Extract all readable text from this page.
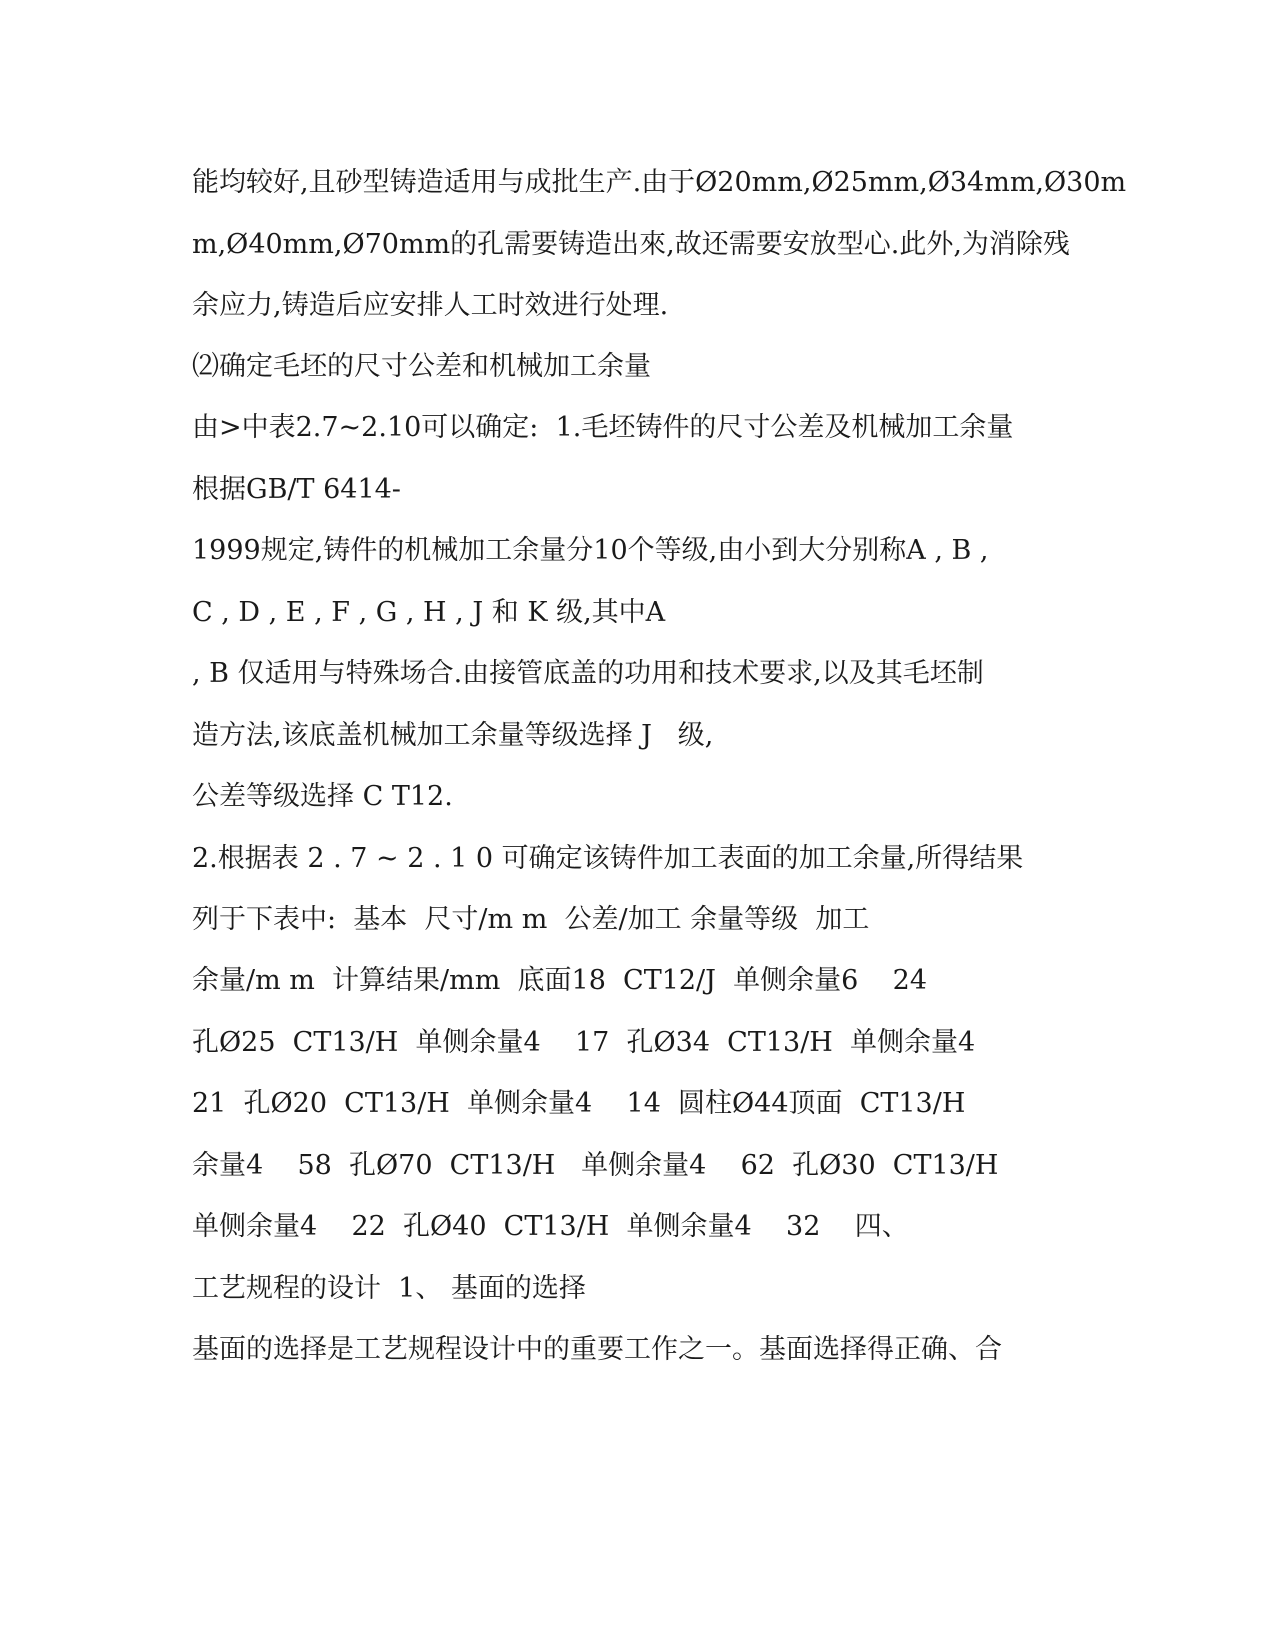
能均较好,且砂型铸造适用与成批生产.由于Ø20mm,Ø25mm,Ø34mm,Ø30m
m,Ø40mm,Ø70mm的孔需要铸造出來,故还需要安放型心.此外,为消除残
余应力,铸造后应安排人工时效进行处理.
⑵确定毛坯的尺寸公差和机械加工余量
由>中表2.7~2.10可以确定:  1.毛坯铸件的尺寸公差及机械加工余量
根据GB/T 6414-
1999规定,铸件的机械加工余量分10个等级,由小到大分别称A , B ,
C , D , E , F , G , H , J 和 K 级,其中A
, B 仅适用与特殊场合.由接管底盖的功用和技术要求,以及其毛坯制
造方法,该底盖机械加工余量等级选择 J   级,
公差等级选择 C T12.
2.根据表 2 . 7 ~ 2 . 1 0 可确定该铸件加工表面的加工余量,所得结果
列于下表中:  基本  尺寸/m m  公差/加工 余量等级  加工
余量/m m  计算结果/mm  底面18  CT12/J  单侧余量6    24
孔Ø25  CT13/H  单侧余量4    17  孔Ø34  CT13/H  单侧余量4
21  孔Ø20  CT13/H  单侧余量4    14  圆柱Ø44顶面  CT13/H
余量4    58  孔Ø70  CT13/H   单侧余量4    62  孔Ø30  CT13/H
单侧余量4    22  孔Ø40  CT13/H  单侧余量4    32    四、
工艺规程的设计  1、 基面的选择
基面的选择是工艺规程设计中的重要工作之一。基面选择得正确、合
